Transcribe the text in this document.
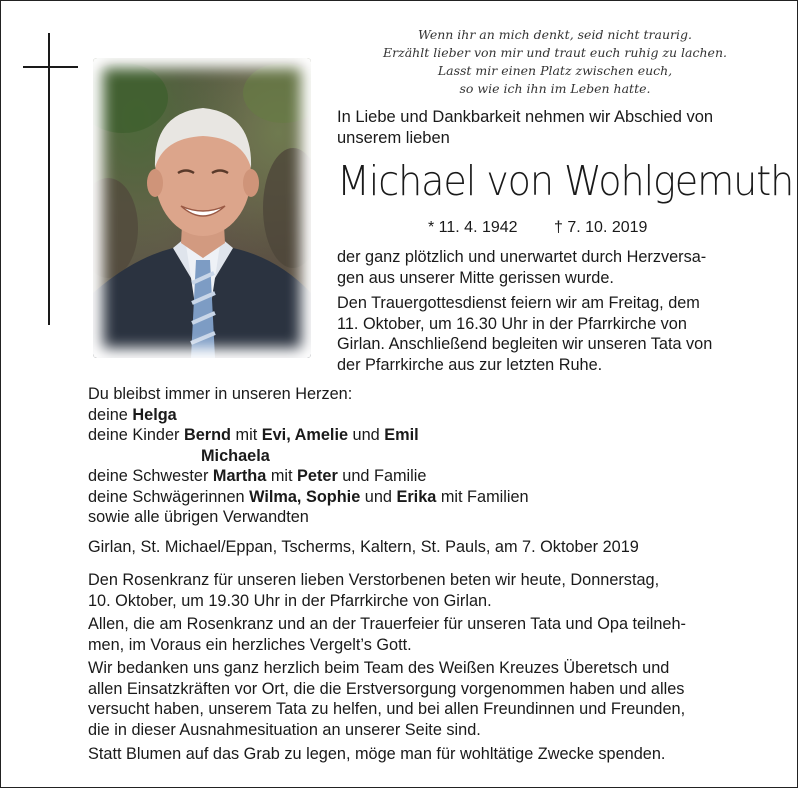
Wenn ihr an mich denkt, seid nicht traurig.
Erzählt lieber von mir und traut euch ruhig zu lachen.
Lasst mir einen Platz zwischen euch,
so wie ich ihn im Leben hatte.
In Liebe und Dankbarkeit nehmen wir Abschied von
unserem lieben
Michael von Wohlgemuth
* 11. 4. 1942 † 7. 10. 2019
der ganz plötzlich und unerwartet durch Herzversa-
gen aus unserer Mitte gerissen wurde.
Den Trauergottesdienst feiern wir am Freitag, dem
11. Oktober, um 16.30 Uhr in der Pfarrkirche von
Girlan. Anschließend begleiten wir unseren Tata von
der Pfarrkirche aus zur letzten Ruhe.
Du bleibst immer in unseren Herzen:
deine Helga
deine Kinder Bernd mit Evi, Amelie und Emil
Michaela
deine Schwester Martha mit Peter und Familie
deine Schwägerinnen Wilma, Sophie und Erika mit Familien
sowie alle übrigen Verwandten
Girlan, St. Michael/Eppan, Tscherms, Kaltern, St. Pauls, am 7. Oktober 2019
Den Rosenkranz für unseren lieben Verstorbenen beten wir heute, Donnerstag,
10. Oktober, um 19.30 Uhr in der Pfarrkirche von Girlan.
Allen, die am Rosenkranz und an der Trauerfeier für unseren Tata und Opa teilneh-
men, im Voraus ein herzliches Vergelt’s Gott.
Wir bedanken uns ganz herzlich beim Team des Weißen Kreuzes Überetsch und
allen Einsatzkräften vor Ort, die die Erstversorgung vorgenommen haben und alles
versucht haben, unserem Tata zu helfen, und bei allen Freundinnen und Freunden,
die in dieser Ausnahmesituation an unserer Seite sind.
Statt Blumen auf das Grab zu legen, möge man für wohltätige Zwecke spenden.
